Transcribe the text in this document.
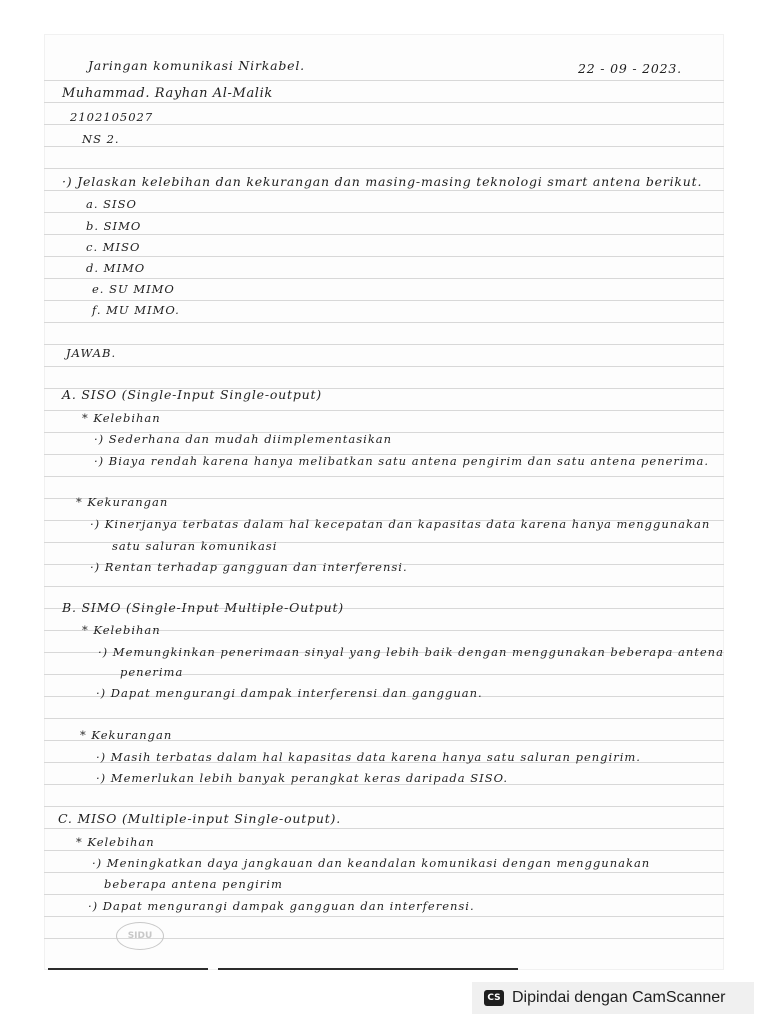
Jaringan komunikasi Nirkabel.	22 - 09 - 2023.

Muhammad. Rayhan Al-Malik

2102105027

NS 2.

·) Jelaskan kelebihan dan kekurangan dan masing-masing teknologi smart antena berikut.

a. SISO

b. SIMO

c. MISO

d. MIMO

e. SU MIMO

f. MU MIMO.

JAWAB.

A. SISO (Single-Input Single-output)

* Kelebihan

·) Sederhana dan mudah diimplementasikan

·) Biaya rendah karena hanya melibatkan satu antena pengirim dan satu antena penerima.

* Kekurangan

·) Kinerjanya terbatas dalam hal kecepatan dan kapasitas data karena hanya menggunakan

satu saluran komunikasi

·) Rentan terhadap gangguan dan interferensi.

B. SIMO (Single-Input Multiple-Output)

* Kelebihan

·) Memungkinkan penerimaan sinyal yang lebih baik dengan menggunakan beberapa antena

penerima

·) Dapat mengurangi dampak interferensi dan gangguan.

* Kekurangan

·) Masih terbatas dalam hal kapasitas data karena hanya satu saluran pengirim.

·) Memerlukan lebih banyak perangkat keras daripada SISO.

C. MISO (Multiple-input Single-output).

* Kelebihan

·) Meningkatkan daya jangkauan dan keandalan komunikasi dengan menggunakan

beberapa antena pengirim

·) Dapat mengurangi dampak gangguan dan interferensi.

SIDU
CS Dipindai dengan CamScanner
